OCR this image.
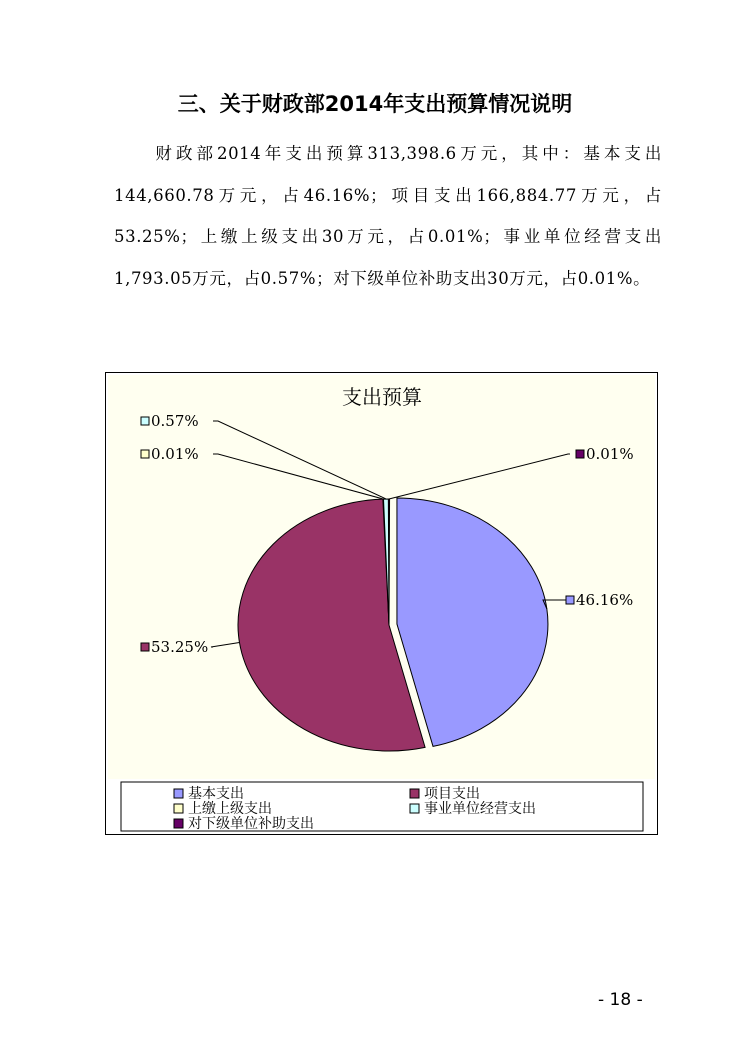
三、关于财政部2014年支出预算情况说明
财政部2014年支出预算313,398.6万元，其中：基本支出144,660.78万元，占46.16%；项目支出166,884.77万元，占53.25%；上缴上级支出30万元，占0.01%；事业单位经营支出1,793.05万元，占0.57%；对下级单位补助支出30万元，占0.01%。
支出预算
46.16%
53.25%
0.01%
0.57%
0.01%
基本支出	项目支出
上缴上级支出	事业单位经营支出
对下级单位补助支出
- 18 -
